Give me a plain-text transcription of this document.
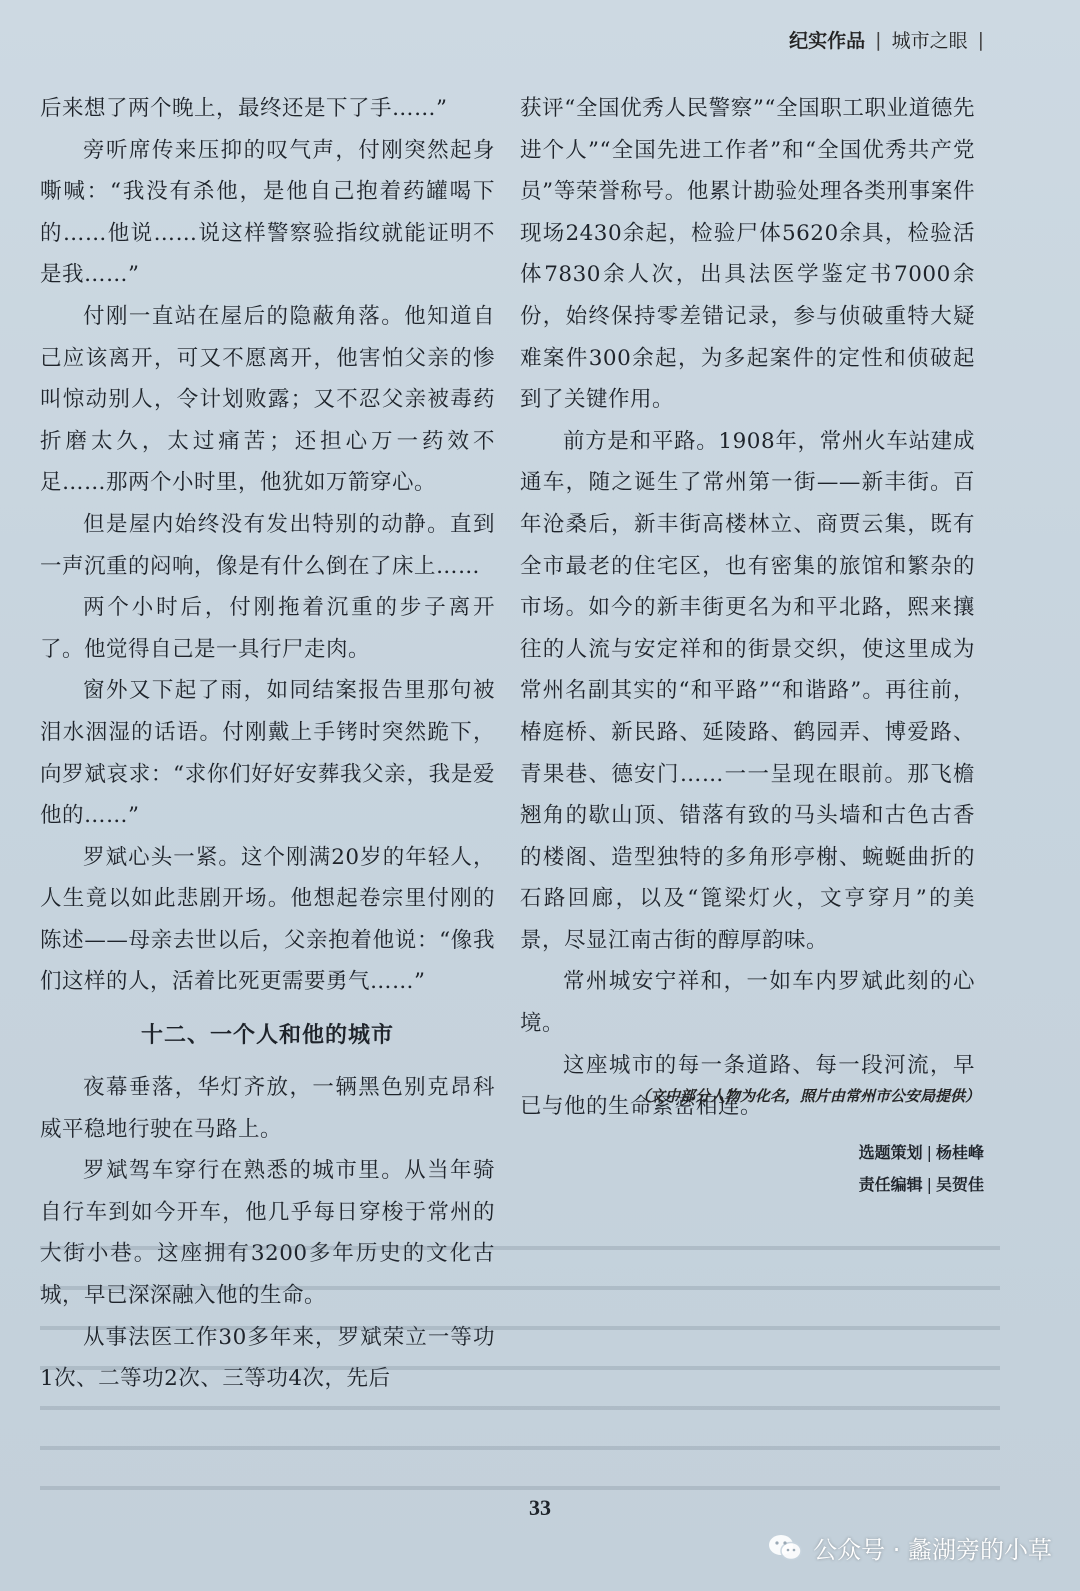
纪实作品 | 城市之眼 |

后来想了两个晚上，最终还是下了手……”

旁听席传来压抑的叹气声，付刚突然起身嘶喊：“我没有杀他，是他自己抱着药罐喝下的……他说……说这样警察验指纹就能证明不是我……”

付刚一直站在屋后的隐蔽角落。他知道自己应该离开，可又不愿离开，他害怕父亲的惨叫惊动别人，令计划败露；又不忍父亲被毒药折磨太久，太过痛苦；还担心万一药效不足……那两个小时里，他犹如万箭穿心。

但是屋内始终没有发出特别的动静。直到一声沉重的闷响，像是有什么倒在了床上……

两个小时后，付刚拖着沉重的步子离开了。他觉得自己是一具行尸走肉。

窗外又下起了雨，如同结案报告里那句被泪水洇湿的话语。付刚戴上手铐时突然跪下，向罗斌哀求：“求你们好好安葬我父亲，我是爱他的……”

罗斌心头一紧。这个刚满20岁的年轻人，人生竟以如此悲剧开场。他想起卷宗里付刚的陈述——母亲去世以后，父亲抱着他说：“像我们这样的人，活着比死更需要勇气……”

十二、一个人和他的城市

夜幕垂落，华灯齐放，一辆黑色别克昂科威平稳地行驶在马路上。

罗斌驾车穿行在熟悉的城市里。从当年骑自行车到如今开车，他几乎每日穿梭于常州的大街小巷。这座拥有3200多年历史的文化古城，早已深深融入他的生命。

从事法医工作30多年来，罗斌荣立一等功1次、二等功2次、三等功4次，先后

获评“全国优秀人民警察”“全国职工职业道德先进个人”“全国先进工作者”和“全国优秀共产党员”等荣誉称号。他累计勘验处理各类刑事案件现场2430余起，检验尸体5620余具，检验活体7830余人次，出具法医学鉴定书7000余份，始终保持零差错记录，参与侦破重特大疑难案件300余起，为多起案件的定性和侦破起到了关键作用。

前方是和平路。1908年，常州火车站建成通车，随之诞生了常州第一街——新丰街。百年沧桑后，新丰街高楼林立、商贾云集，既有全市最老的住宅区，也有密集的旅馆和繁杂的市场。如今的新丰街更名为和平北路，熙来攘往的人流与安定祥和的街景交织，使这里成为常州名副其实的“和平路”“和谐路”。再往前，椿庭桥、新民路、延陵路、鹤园弄、博爱路、青果巷、德安门……一一呈现在眼前。那飞檐翘角的歇山顶、错落有致的马头墙和古色古香的楼阁、造型独特的多角形亭榭、蜿蜒曲折的石路回廊，以及“篦梁灯火，文亨穿月”的美景，尽显江南古街的醇厚韵味。

常州城安宁祥和，一如车内罗斌此刻的心境。

这座城市的每一条道路、每一段河流，早已与他的生命紧密相连。

（文中部分人物为化名，照片由常州市公安局提供）
选题策划 | 杨桂峰
责任编辑 | 吴贺佳
33
公众号 · 蠡湖旁的小草
